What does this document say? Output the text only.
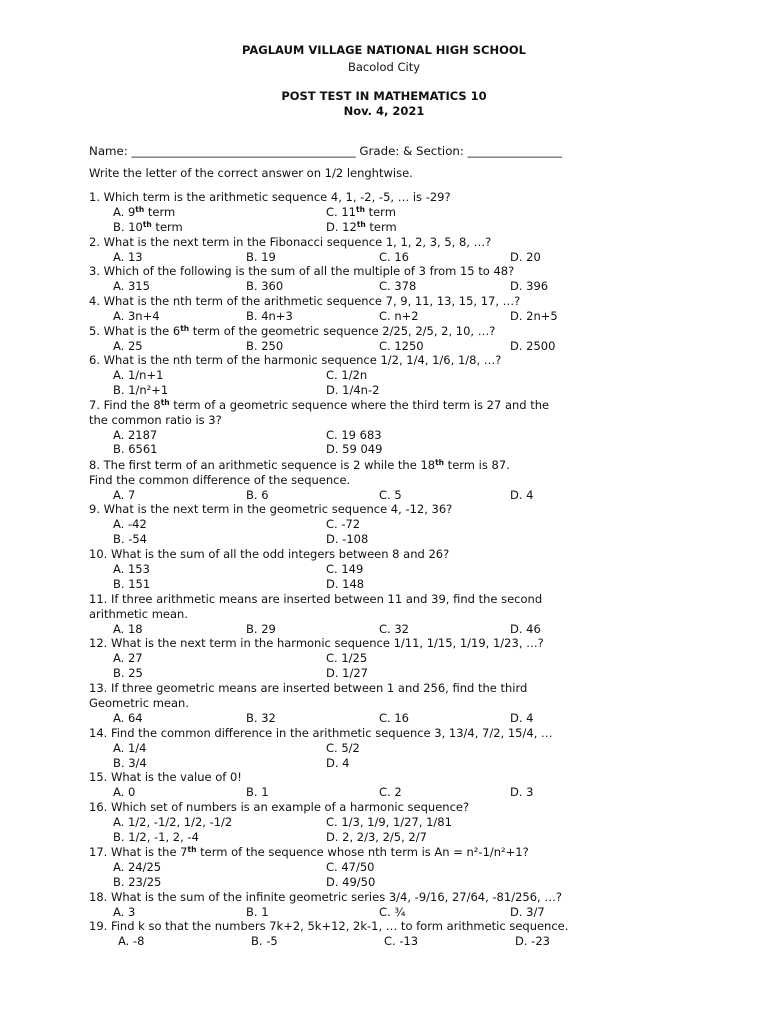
PAGLAUM VILLAGE NATIONAL HIGH SCHOOL
Bacolod City
POST TEST IN MATHEMATICS 10
Nov. 4, 2021
Name: ______________________________________ Grade: & Section: ________________
Write the letter of the correct answer on 1/2 lenghtwise.
1. Which term is the arithmetic sequence 4, 1, -2, -5, … is -29?
A. 9th term	C. 11th term
B. 10th term	D. 12th term
2. What is the next term in the Fibonacci sequence 1, 1, 2, 3, 5, 8, …?
A. 13	B. 19	C. 16	D. 20
3. Which of the following is the sum of all the multiple of 3 from 15 to 48?
A. 315	B. 360	C. 378	D. 396
4. What is the nth term of the arithmetic sequence 7, 9, 11, 13, 15, 17, …?
A. 3n+4	B. 4n+3	C. n+2	D. 2n+5
5. What is the 6th term of the geometric sequence 2/25, 2/5, 2, 10, …?
A. 25	B. 250	C. 1250	D. 2500
6. What is the nth term of the harmonic sequence 1/2, 1/4, 1/6, 1/8, …?
A. 1/n+1	C. 1/2n
B. 1/n²+1	D. 1/4n-2
7. Find the 8th term of a geometric sequence where the third term is 27 and the
the common ratio is 3?
A. 2187	C. 19 683
B. 6561	D. 59 049
8. The first term of an arithmetic sequence is 2 while the 18th term is 87.
Find the common difference of the sequence.
A. 7	B. 6	C. 5	D. 4
9. What is the next term in the geometric sequence 4, -12, 36?
A. -42	C. -72
B. -54	D. -108
10. What is the sum of all the odd integers between 8 and 26?
A. 153	C. 149
B. 151	D. 148
11. If three arithmetic means are inserted between 11 and 39, find the second
arithmetic mean.
A. 18	B. 29	C. 32	D. 46
12. What is the next term in the harmonic sequence 1/11, 1/15, 1/19, 1/23, …?
A. 27	C. 1/25
B. 25	D. 1/27
13. If three geometric means are inserted between 1 and 256, find the third
Geometric mean.
A. 64	B. 32	C. 16	D. 4
14. Find the common difference in the arithmetic sequence 3, 13/4, 7/2, 15/4, …
A. 1/4	C. 5/2
B. 3/4	D. 4
15. What is the value of 0!
A. 0	B. 1	C. 2	D. 3
16. Which set of numbers is an example of a harmonic sequence?
A. 1/2, -1/2, 1/2, -1/2	C. 1/3, 1/9, 1/27, 1/81
B. 1/2, -1, 2, -4	D. 2, 2/3, 2/5, 2/7
17. What is the 7th term of the sequence whose nth term is An = n²-1/n²+1?
A. 24/25	C. 47/50
B. 23/25	D. 49/50
18. What is the sum of the infinite geometric series 3/4, -9/16, 27/64, -81/256, …?
A. 3	B. 1	C. ¾	D. 3/7
19. Find k so that the numbers 7k+2, 5k+12, 2k-1, … to form arithmetic sequence.
A. -8	B. -5	C. -13	D. -23
